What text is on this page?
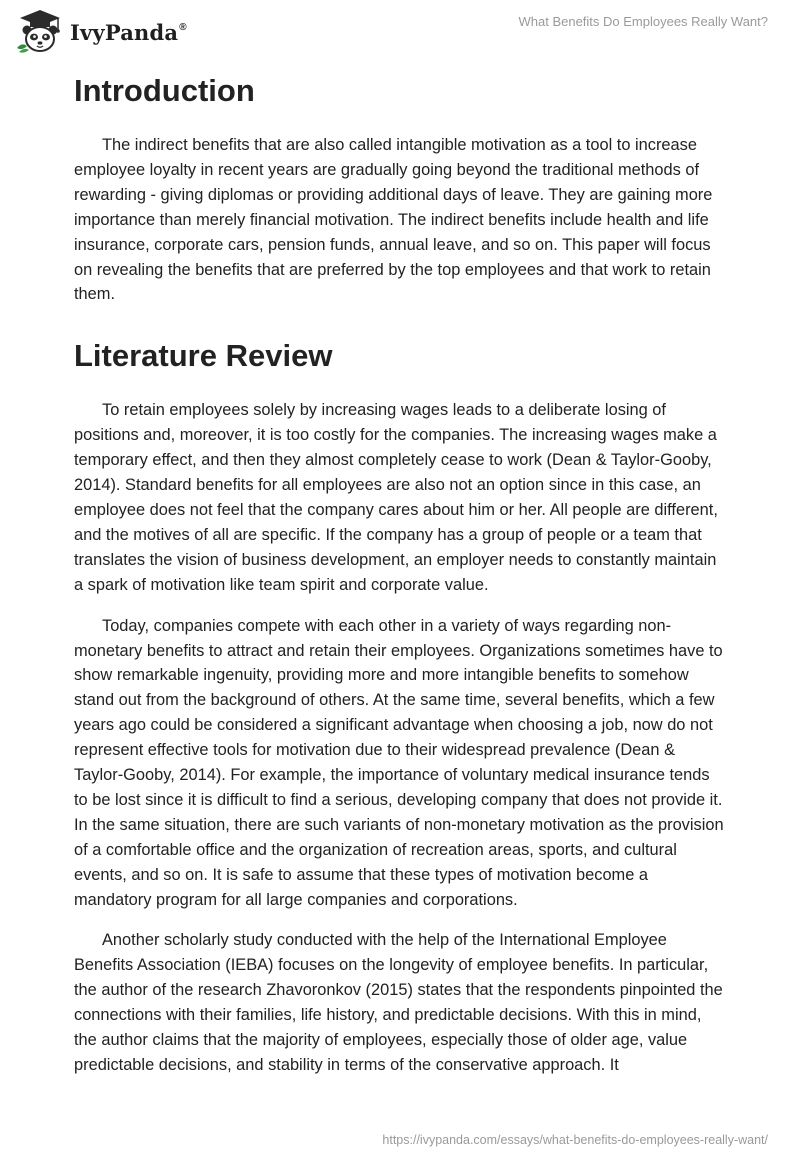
IvyPanda®	What Benefits Do Employees Really Want?
Introduction

The indirect benefits that are also called intangible motivation as a tool to increase employee loyalty in recent years are gradually going beyond the traditional methods of rewarding - giving diplomas or providing additional days of leave. They are gaining more importance than merely financial motivation. The indirect benefits include health and life insurance, corporate cars, pension funds, annual leave, and so on. This paper will focus on revealing the benefits that are preferred by the top employees and that work to retain them.

Literature Review

To retain employees solely by increasing wages leads to a deliberate losing of positions and, moreover, it is too costly for the companies. The increasing wages make a temporary effect, and then they almost completely cease to work (Dean & Taylor-Gooby, 2014). Standard benefits for all employees are also not an option since in this case, an employee does not feel that the company cares about him or her. All people are different, and the motives of all are specific. If the company has a group of people or a team that translates the vision of business development, an employer needs to constantly maintain a spark of motivation like team spirit and corporate value.

Today, companies compete with each other in a variety of ways regarding non-monetary benefits to attract and retain their employees. Organizations sometimes have to show remarkable ingenuity, providing more and more intangible benefits to somehow stand out from the background of others. At the same time, several benefits, which a few years ago could be considered a significant advantage when choosing a job, now do not represent effective tools for motivation due to their widespread prevalence (Dean & Taylor-Gooby, 2014). For example, the importance of voluntary medical insurance tends to be lost since it is difficult to find a serious, developing company that does not provide it. In the same situation, there are such variants of non-monetary motivation as the provision of a comfortable office and the organization of recreation areas, sports, and cultural events, and so on. It is safe to assume that these types of motivation become a mandatory program for all large companies and corporations.

Another scholarly study conducted with the help of the International Employee Benefits Association (IEBA) focuses on the longevity of employee benefits. In particular, the author of the research Zhavoronkov (2015) states that the respondents pinpointed the connections with their families, life history, and predictable decisions. With this in mind, the author claims that the majority of employees, especially those of older age, value predictable decisions, and stability in terms of the conservative approach. It

https://ivypanda.com/essays/what-benefits-do-employees-really-want/
